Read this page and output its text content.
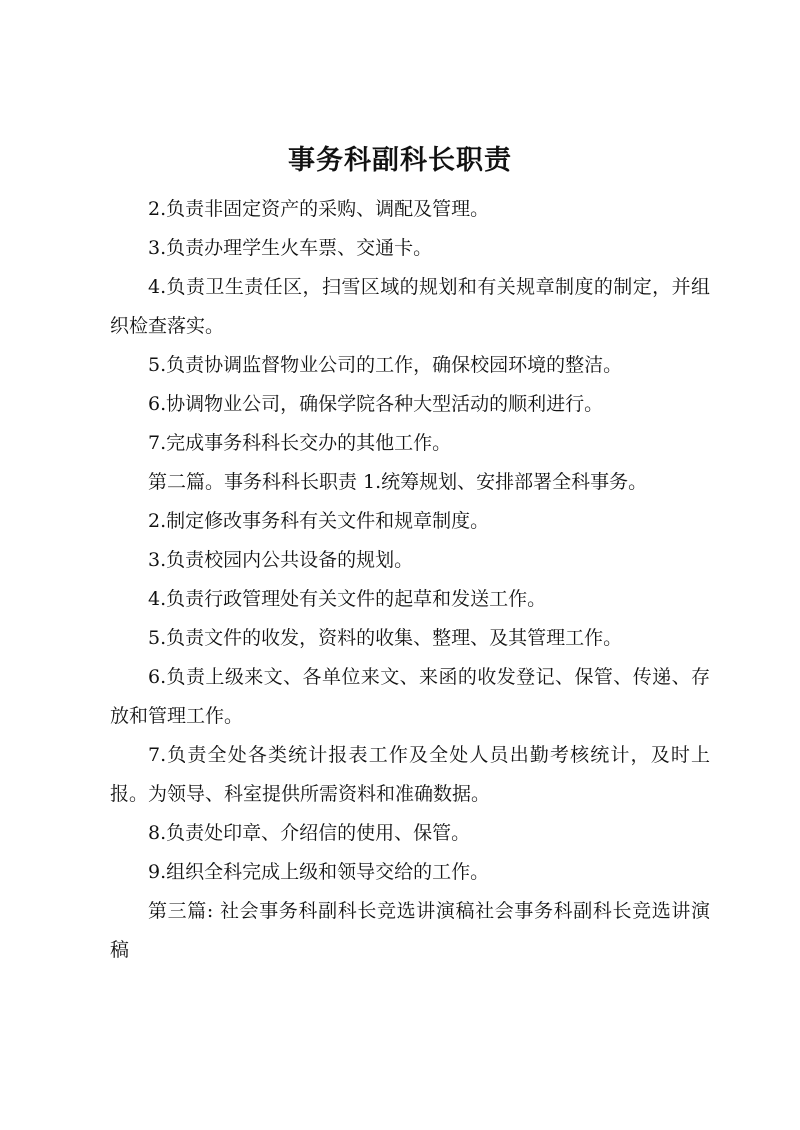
事务科副科长职责

2.负责非固定资产的采购、调配及管理。

3.负责办理学生火车票、交通卡。

4.负责卫生责任区，扫雪区域的规划和有关规章制度的制定，并组织检查落实。

5.负责协调监督物业公司的工作，确保校园环境的整洁。

6.协调物业公司，确保学院各种大型活动的顺利进行。

7.完成事务科科长交办的其他工作。

第二篇。事务科科长职责 1.统筹规划、安排部署全科事务。

2.制定修改事务科有关文件和规章制度。

3.负责校园内公共设备的规划。

4.负责行政管理处有关文件的起草和发送工作。

5.负责文件的收发，资料的收集、整理、及其管理工作。

6.负责上级来文、各单位来文、来函的收发登记、保管、传递、存放和管理工作。

7.负责全处各类统计报表工作及全处人员出勤考核统计，及时上报。为领导、科室提供所需资料和准确数据。

8.负责处印章、介绍信的使用、保管。

9.组织全科完成上级和领导交给的工作。

第三篇: 社会事务科副科长竞选讲演稿社会事务科副科长竞选讲演稿
